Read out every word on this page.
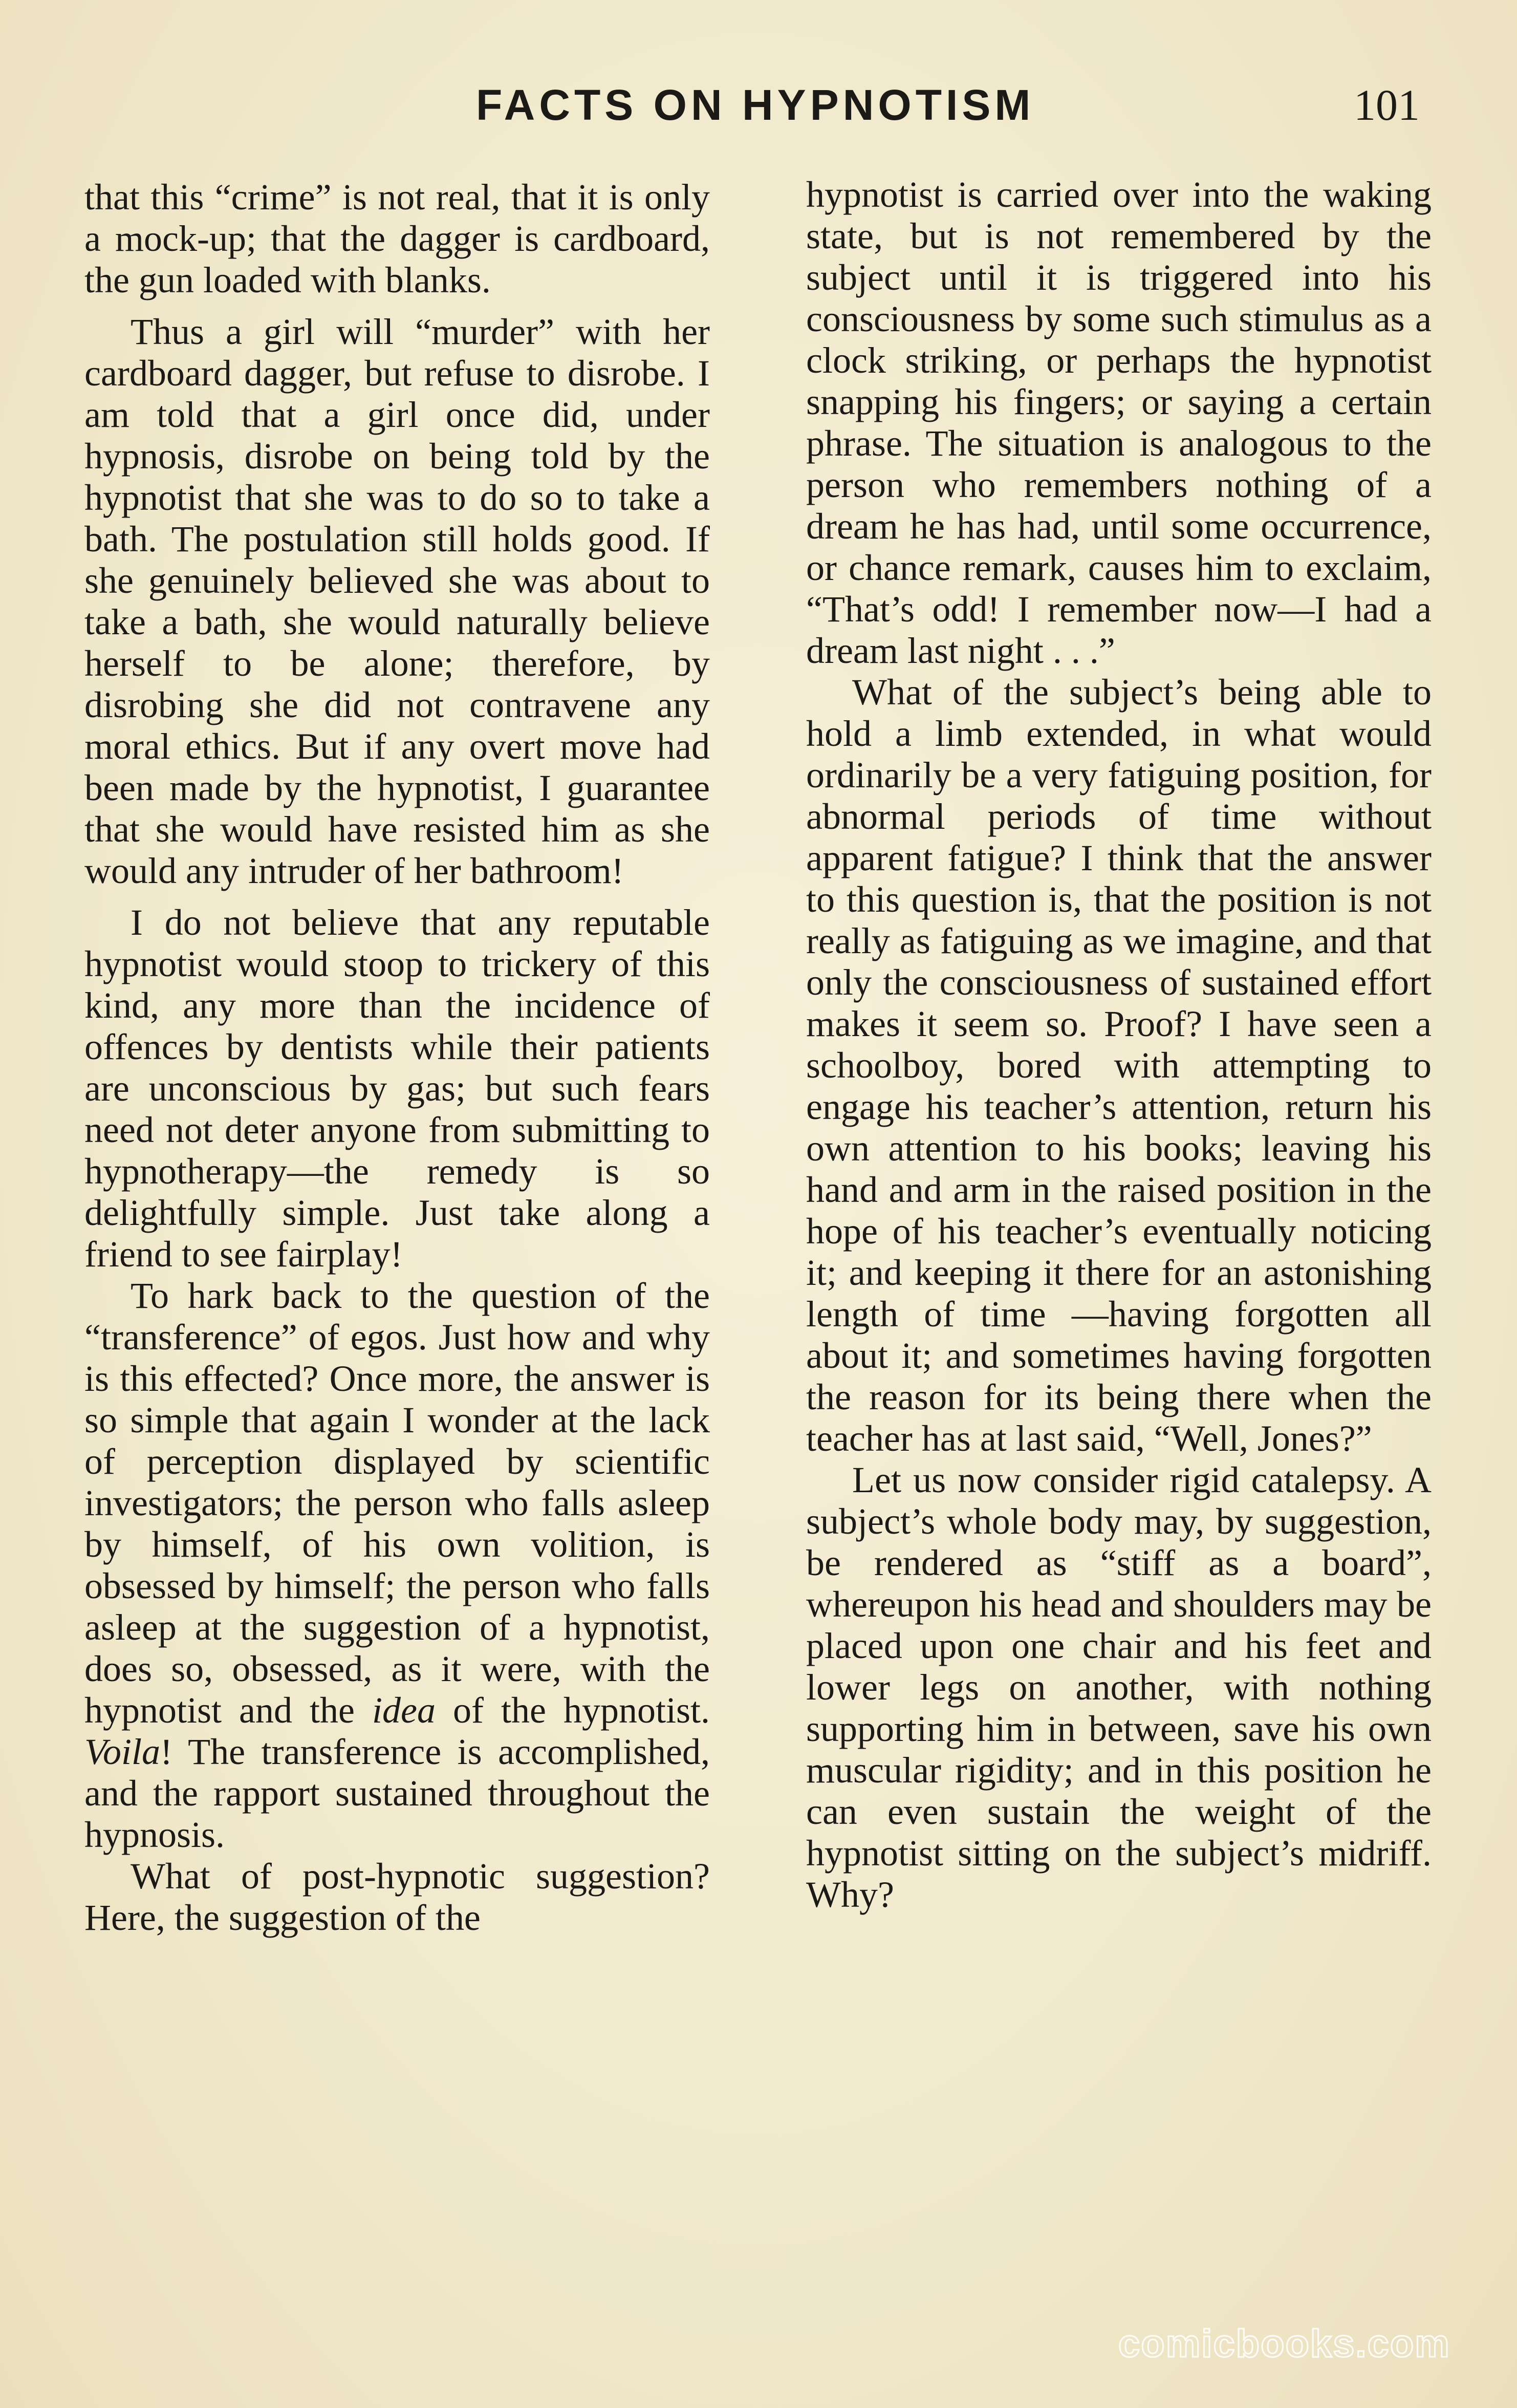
FACTS ON HYPNOTISM	101

that this “crime” is not real, that it is only a mock-up; that the dagger is cardboard, the gun loaded with blanks.

Thus a girl will “murder” with her cardboard dagger, but refuse to disrobe. I am told that a girl once did, under hypnosis, disrobe on being told by the hypnotist that she was to do so to take a bath. The postulation still holds good. If she genuinely believed she was about to take a bath, she would naturally believe herself to be alone; therefore, by disrobing she did not contravene any moral ethics. But if any overt move had been made by the hypnotist, I guarantee that she would have resisted him as she would any intruder of her bathroom!

I do not believe that any reputable hypnotist would stoop to trickery of this kind, any more than the incidence of offences by dentists while their patients are unconscious by gas; but such fears need not deter anyone from submitting to hypnotherapy—the remedy is so delightfully simple. Just take along a friend to see fairplay!

To hark back to the question of the “transference” of egos. Just how and why is this effected? Once more, the answer is so simple that again I wonder at the lack of perception displayed by scientific investigators; the person who falls asleep by himself, of his own volition, is obsessed by himself; the person who falls asleep at the suggestion of a hypnotist, does so, obsessed, as it were, with the hypnotist and the idea of the hypnotist. Voila! The transference is accomplished, and the rapport sustained throughout the hypnosis.

What of post-hypnotic suggestion? Here, the suggestion of the

hypnotist is carried over into the waking state, but is not remembered by the subject until it is triggered into his consciousness by some such stimulus as a clock striking, or perhaps the hypnotist snapping his fingers; or saying a certain phrase. The situation is analogous to the person who remembers nothing of a dream he has had, until some occurrence, or chance remark, causes him to exclaim, “That’s odd! I remember now—I had a dream last night . . .”

What of the subject’s being able to hold a limb extended, in what would ordinarily be a very fatiguing position, for abnormal periods of time without apparent fatigue? I think that the answer to this question is, that the position is not really as fatiguing as we imagine, and that only the consciousness of sustained effort makes it seem so. Proof? I have seen a schoolboy, bored with attempting to engage his teacher’s attention, return his own attention to his books; leaving his hand and arm in the raised position in the hope of his teacher’s eventually noticing it; and keeping it there for an astonishing length of time —having forgotten all about it; and sometimes having forgotten the reason for its being there when the teacher has at last said, “Well, Jones?”

Let us now consider rigid catalepsy. A subject’s whole body may, by suggestion, be rendered as “stiff as a board”, whereupon his head and shoulders may be placed upon one chair and his feet and lower legs on another, with nothing supporting him in between, save his own muscular rigidity; and in this position he can even sustain the weight of the hypnotist sitting on the subject’s midriff. Why?

comicbooks.com
